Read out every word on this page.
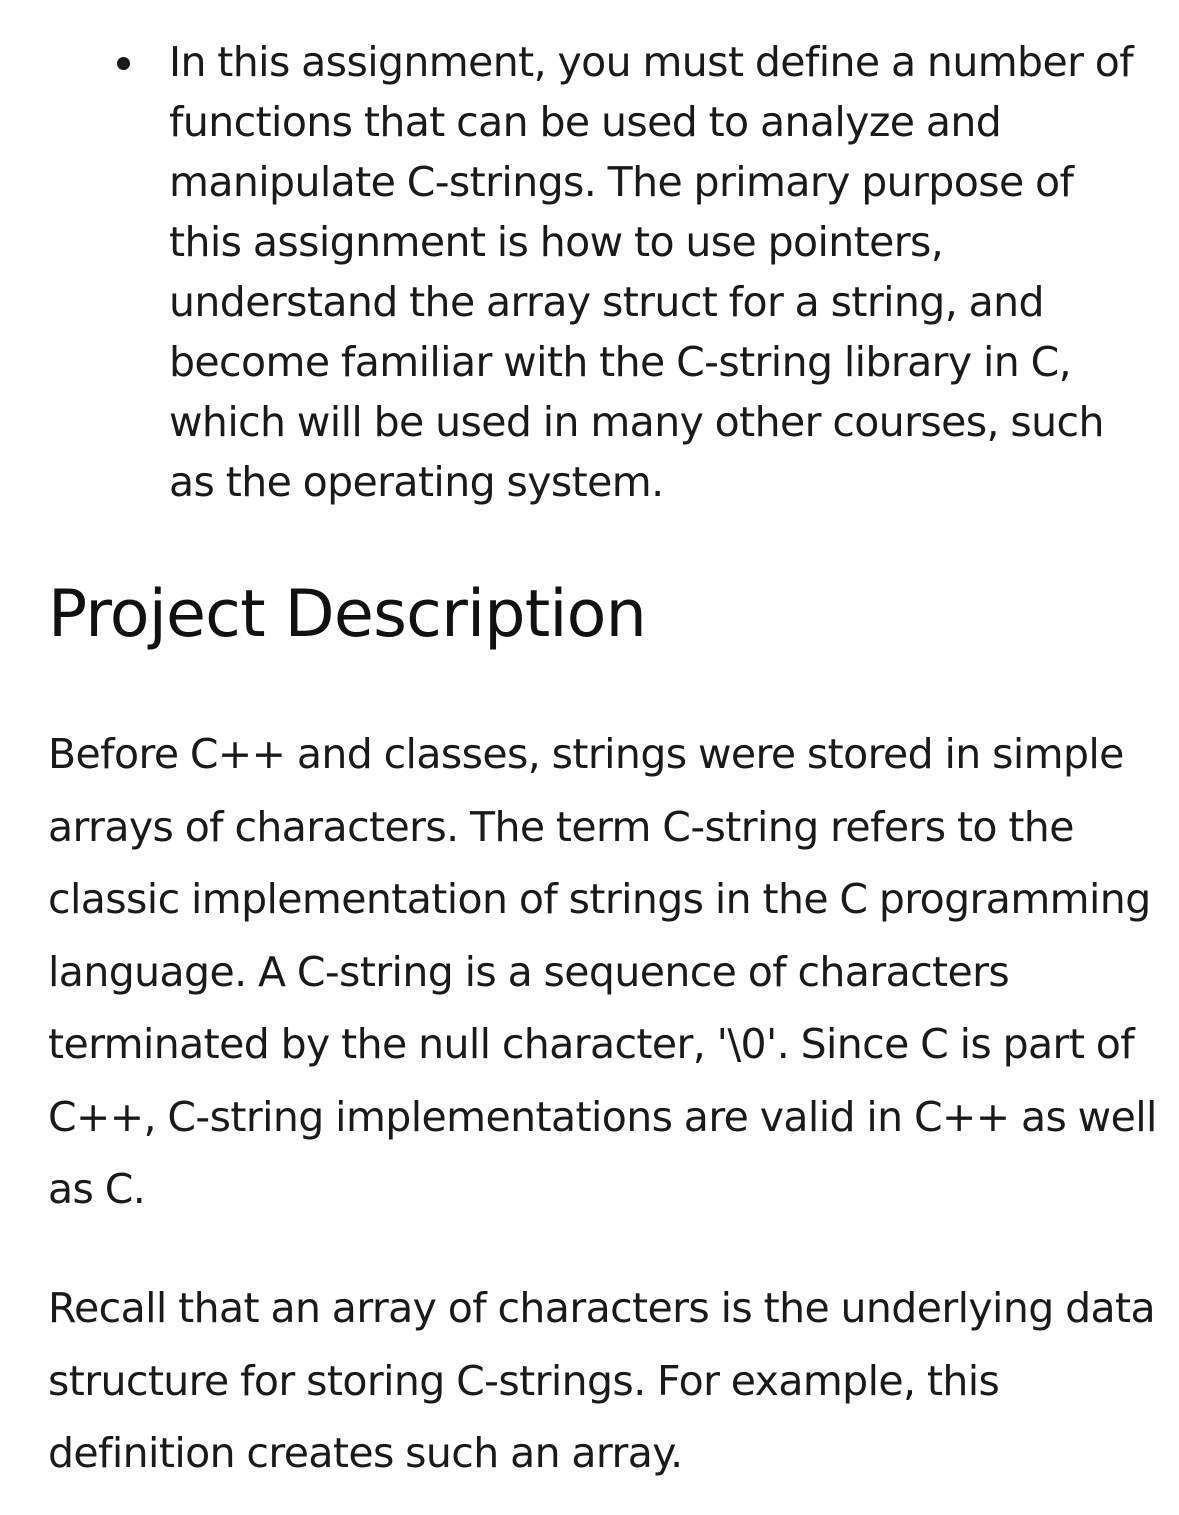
In this assignment, you must define a number of functions that can be used to analyze and manipulate C-strings. The primary purpose of this assignment is how to use pointers, understand the array struct for a string, and become familiar with the C-string library in C, which will be used in many other courses, such as the operating system.
Project Description

Before C++ and classes, strings were stored in simple arrays of characters. The term C-string refers to the classic implementation of strings in the C programming language. A C-string is a sequence of characters terminated by the null character, '\0'. Since C is part of C++, C-string implementations are valid in C++ as well as C.

Recall that an array of characters is the underlying data structure for storing C-strings. For example, this definition creates such an array.
